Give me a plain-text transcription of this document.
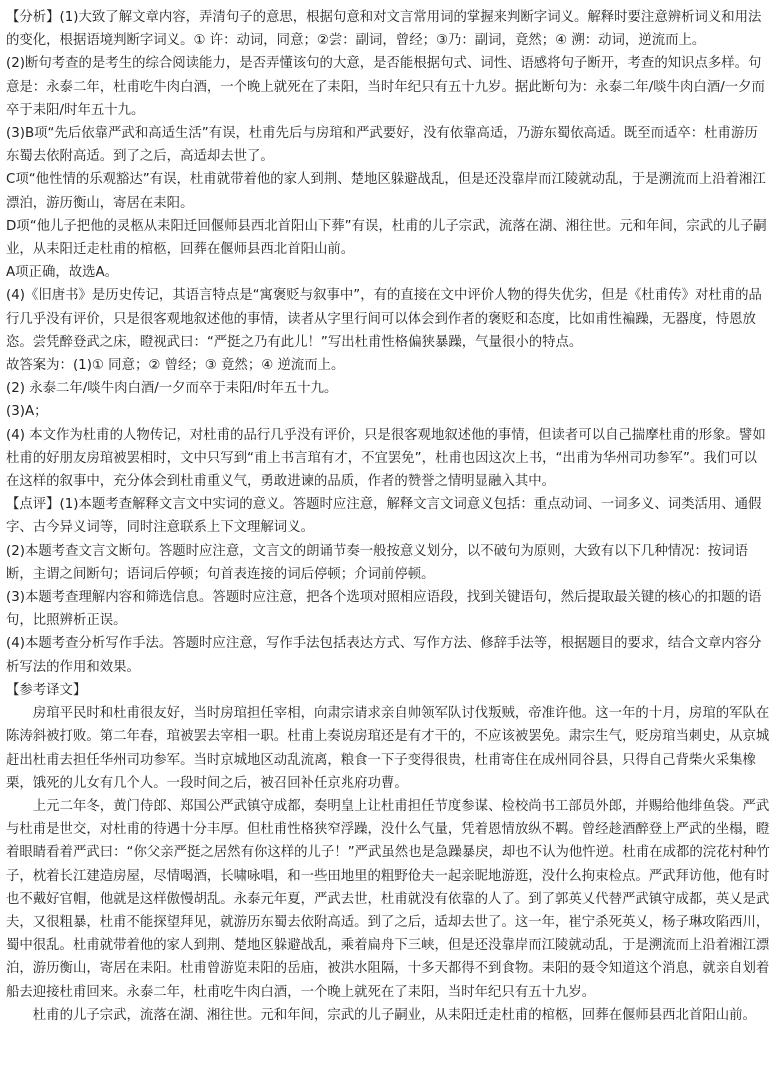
【分析】(1)大致了解文章内容，弄清句子的意思，根据句意和对文言常用词的掌握来判断字词义。解释时要注意辨析词义和用法的变化，根据语境判断字词义。① 许：动词，同意；②尝：副词，曾经；③乃：副词，竟然；④ 溯：动词，逆流而上。

(2)断句考查的是考生的综合阅读能力，是否弄懂该句的大意，是否能根据句式、词性、语感将句子断开，考查的知识点多样。句意是：永泰二年，杜甫吃牛肉白酒，一个晚上就死在了耒阳，当时年纪只有五十九岁。据此断句为：永泰二年/啖牛肉白酒/一夕而卒于耒阳/时年五十九。

(3)B项“先后依靠严武和高适生活”有误，杜甫先后与房琯和严武要好，没有依靠高适，乃游东蜀依高适。既至而适卒：杜甫游历东蜀去依附高适。到了之后，高适却去世了。

C项“他性情的乐观豁达”有误，杜甫就带着他的家人到荆、楚地区躲避战乱，但是还没靠岸而江陵就动乱，于是溯流而上沿着湘江漂泊，游历衡山，寄居在耒阳。

D项“他儿子把他的灵柩从耒阳迁回偃师县西北首阳山下葬”有误，杜甫的儿子宗武，流落在湖、湘往世。元和年间，宗武的儿子嗣业，从耒阳迁走杜甫的棺柩，回葬在偃师县西北首阳山前。

A项正确，故选A。

(4)《旧唐书》是历史传记，其语言特点是“寓褒贬与叙事中”，有的直接在文中评价人物的得失优劣，但是《杜甫传》对杜甫的品行几乎没有评价，只是很客观地叙述他的事情，读者从字里行间可以体会到作者的褒贬和态度，比如甫性褊躁，无器度，恃恩放恣。尝凭醉登武之床，瞪视武曰：“严挺之乃有此儿！”写出杜甫性格偏狭暴躁，气量很小的特点。

故答案为：(1)① 同意；② 曾经；③ 竟然；④ 逆流而上。

(2) 永泰二年/啖牛肉白酒/一夕而卒于耒阳/时年五十九。

(3)A；

(4) 本文作为杜甫的人物传记，对杜甫的品行几乎没有评价，只是很客观地叙述他的事情，但读者可以自己揣摩杜甫的形象。譬如杜甫的好朋友房琯被罢相时，文中只写到“甫上书言琯有才，不宜罢免”，杜甫也因这次上书，“出甫为华州司功参军”。我们可以在这样的叙事中，充分体会到杜甫重义气，勇敢进谏的品质，作者的赞誉之情明显融入其中。

【点评】(1)本题考查解释文言文中实词的意义。答题时应注意，解释文言文词意义包括：重点动词、一词多义、词类活用、通假字、古今异义词等，同时注意联系上下文理解词义。

(2)本题考查文言文断句。答题时应注意，文言文的朗诵节奏一般按意义划分，以不破句为原则，大致有以下几种情况：按词语断，主谓之间断句；语词后停顿；句首表连接的词后停顿；介词前停顿。

(3)本题考查理解内容和筛选信息。答题时应注意，把各个选项对照相应语段，找到关键语句，然后提取最关键的核心的扣题的语句，比照辨析正误。

(4)本题考查分析写作手法。答题时应注意，写作手法包括表达方式、写作方法、修辞手法等，根据题目的要求，结合文章内容分析写法的作用和效果。

【参考译文】

房琯平民时和杜甫很友好，当时房琯担任宰相，向肃宗请求亲自帅领军队讨伐叛贼，帝准许他。这一年的十月，房琯的军队在陈涛斜被打败。第二年春，琯被罢去宰相一职。杜甫上奏说房琯还是有才干的，不应该被罢免。肃宗生气，贬房琯当刺史，从京城赶出杜甫去担任华州司功参军。当时京城地区动乱流离，粮食一下子变得很贵，杜甫寄住在成州同谷县，只得自己背柴火采集橡栗，饿死的儿女有几个人。一段时间之后，被召回补任京兆府功曹。

上元二年冬，黄门侍郎、郑国公严武镇守成都，奏明皇上让杜甫担任节度参谋、检校尚书工部员外郎，并赐给他绯鱼袋。严武与杜甫是世交，对杜甫的待遇十分丰厚。但杜甫性格狭窄浮躁，没什么气量，凭着恩情放纵不羁。曾经趁酒醉登上严武的坐榻，瞪着眼睛看着严武曰：“你父亲严挺之居然有你这样的儿子！”严武虽然也是急躁暴戾，却也不认为他忤逆。杜甫在成都的浣花村种竹子，枕着长江建造房屋，尽情喝酒，长啸咏唱，和一些田地里的粗野伧夫一起亲昵地游逛，没什么拘束检点。严武拜访他，他有时也不戴好官帽，他就是这样傲慢胡乱。永泰元年夏，严武去世，杜甫就没有依靠的人了。到了郭英乂代替严武镇守成都，英乂是武夫，又很粗暴，杜甫不能探望拜见，就游历东蜀去依附高适。到了之后，适却去世了。这一年，崔宁杀死英乂，杨子琳攻陷西川，蜀中很乱。杜甫就带着他的家人到荆、楚地区躲避战乱，乘着扁舟下三峡，但是还没靠岸而江陵就动乱，于是溯流而上沿着湘江漂泊，游历衡山，寄居在耒阳。杜甫曾游览耒阳的岳庙，被洪水阻隔，十多天都得不到食物。耒阳的聂令知道这个消息，就亲自划着船去迎接杜甫回来。永泰二年，杜甫吃牛肉白酒，一个晚上就死在了耒阳，当时年纪只有五十九岁。

杜甫的儿子宗武，流落在湖、湘往世。元和年间，宗武的儿子嗣业，从耒阳迁走杜甫的棺柩，回葬在偃师县西北首阳山前。
